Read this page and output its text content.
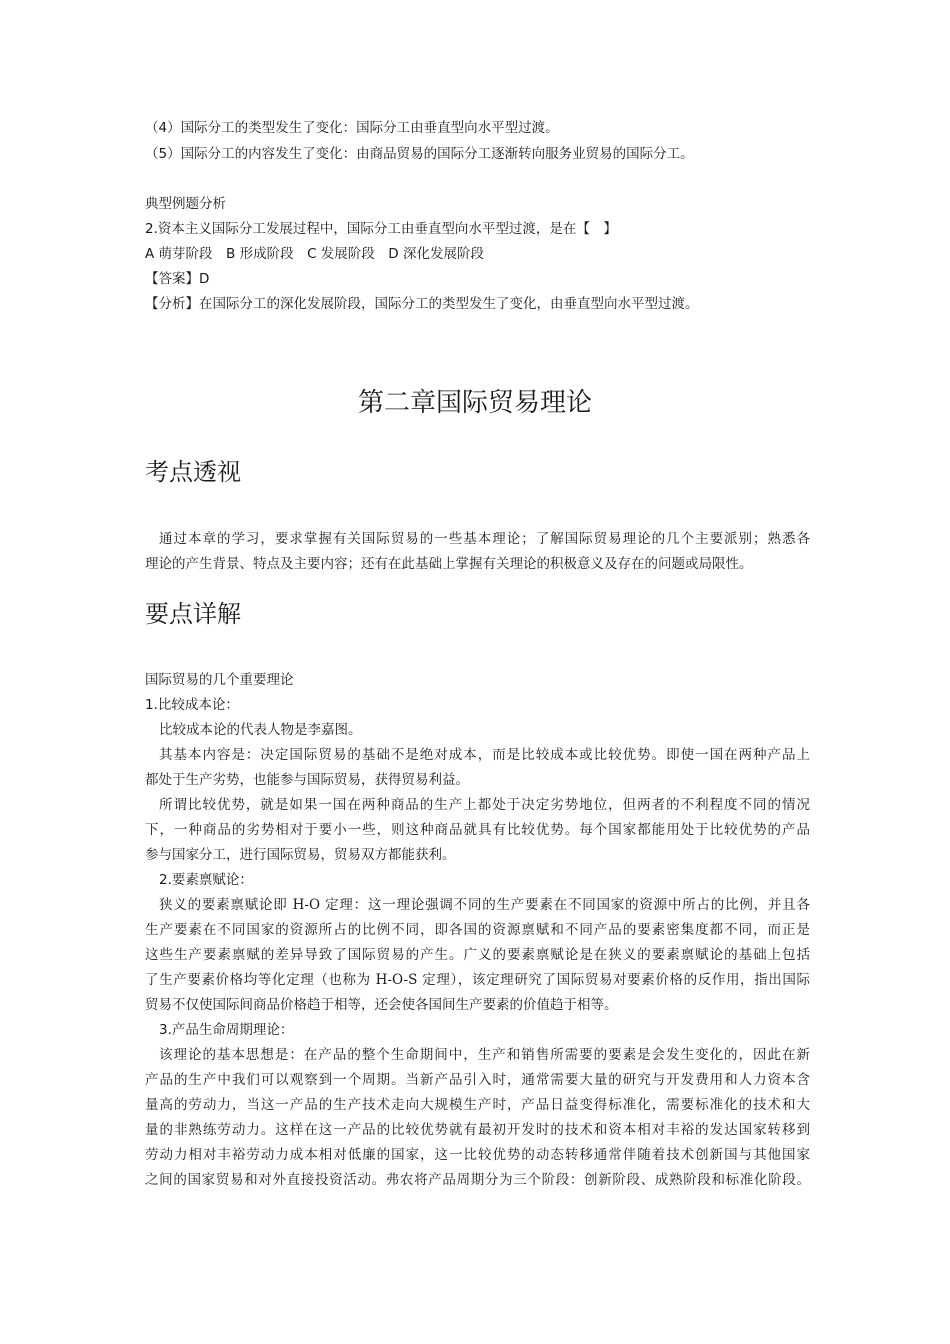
（4）国际分工的类型发生了变化：国际分工由垂直型向水平型过渡。
（5）国际分工的内容发生了变化：由商品贸易的国际分工逐渐转向服务业贸易的国际分工。
典型例题分析
2.资本主义国际分工发展过程中，国际分工由垂直型向水平型过渡，是在【　】
A 萌芽阶段　B 形成阶段　C 发展阶段　D 深化发展阶段
【答案】D
【分析】在国际分工的深化发展阶段，国际分工的类型发生了变化，由垂直型向水平型过渡。
第二章国际贸易理论
考点透视
通过本章的学习，要求掌握有关国际贸易的一些基本理论；了解国际贸易理论的几个主要派别；熟悉各
理论的产生背景、特点及主要内容；还有在此基础上掌握有关理论的积极意义及存在的问题或局限性。
要点详解
国际贸易的几个重要理论
1.比较成本论：
比较成本论的代表人物是李嘉图。
其基本内容是：决定国际贸易的基础不是绝对成本，而是比较成本或比较优势。即使一国在两种产品上
都处于生产劣势，也能参与国际贸易，获得贸易利益。
所谓比较优势，就是如果一国在两种商品的生产上都处于决定劣势地位，但两者的不利程度不同的情况
下，一种商品的劣势相对于要小一些，则这种商品就具有比较优势。每个国家都能用处于比较优势的产品
参与国家分工，进行国际贸易，贸易双方都能获利。
2.要素禀赋论：
狭义的要素禀赋论即 H-O 定理：这一理论强调不同的生产要素在不同国家的资源中所占的比例，并且各
生产要素在不同国家的资源所占的比例不同，即各国的资源禀赋和不同产品的要素密集度都不同，而正是
这些生产要素禀赋的差异导致了国际贸易的产生。广义的要素禀赋论是在狭义的要素禀赋论的基础上包括
了生产要素价格均等化定理（也称为 H-O-S 定理），该定理研究了国际贸易对要素价格的反作用，指出国际
贸易不仅使国际间商品价格趋于相等，还会使各国间生产要素的价值趋于相等。
3.产品生命周期理论：
该理论的基本思想是：在产品的整个生命期间中，生产和销售所需要的要素是会发生变化的，因此在新
产品的生产中我们可以观察到一个周期。当新产品引入时，通常需要大量的研究与开发费用和人力资本含
量高的劳动力，当这一产品的生产技术走向大规模生产时，产品日益变得标准化，需要标准化的技术和大
量的非熟练劳动力。这样在这一产品的比较优势就有最初开发时的技术和资本相对丰裕的发达国家转移到
劳动力相对丰裕劳动力成本相对低廉的国家，这一比较优势的动态转移通常伴随着技术创新国与其他国家
之间的国家贸易和对外直接投资活动。弗农将产品周期分为三个阶段：创新阶段、成熟阶段和标准化阶段。
